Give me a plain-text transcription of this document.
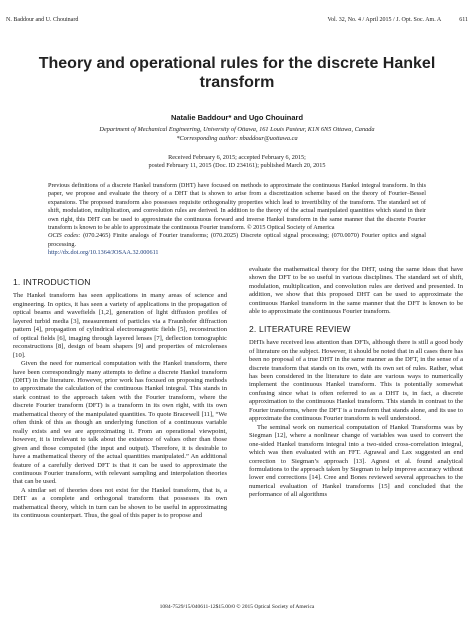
N. Baddour and U. Chouinard	Vol. 32, No. 4 / April 2015 / J. Opt. Soc. Am. A	611
Theory and operational rules for the discrete Hankel transform
Natalie Baddour* and Ugo Chouinard
Department of Mechanical Engineering, University of Ottawa, 161 Louis Pasteur, K1N 6N5 Ottawa, Canada
*Corresponding author: nbaddour@uottawa.ca
Received February 6, 2015; accepted February 6, 2015;
posted February 11, 2015 (Doc. ID 234161); published March 20, 2015

Previous definitions of a discrete Hankel transform (DHT) have focused on methods to approximate the continuous Hankel integral transform. In this paper, we propose and evaluate the theory of a DHT that is shown to arise from a discretization scheme based on the theory of Fourier–Bessel expansions. The proposed transform also possesses requisite orthogonality properties which lead to invertibility of the transform. The standard set of shift, modulation, multiplication, and convolution rules are derived. In addition to the theory of the actual manipulated quantities which stand in their own right, this DHT can be used to approximate the continuous forward and inverse Hankel transform in the same manner that the discrete Fourier transform is known to be able to approximate the continuous Fourier transform. © 2015 Optical Society of America

OCIS codes: (070.2465) Finite analogs of Fourier transforms; (070.2025) Discrete optical signal processing; (070.0070) Fourier optics and signal processing.

http://dx.doi.org/10.1364/JOSAA.32.000611
1. INTRODUCTION

The Hankel transform has seen applications in many areas of science and engineering. In optics, it has seen a variety of applications in the propagation of optical beams and wavefields [1,2], generation of light diffusion profiles of layered turbid media [3], measurement of particles via a Fraunhofer diffraction pattern [4], propagation of cylindrical electromagnetic fields [5], reconstruction of optical fields [6], imaging through layered lenses [7], deflection tomographic reconstructions [8], design of beam shapers [9] and properties of microlenses [10].

Given the need for numerical computation with the Hankel transform, there have been correspondingly many attempts to define a discrete Hankel transform (DHT) in the literature. However, prior work has focused on proposing methods to approximate the calculation of the continuous Hankel integral. This stands in stark contrast to the approach taken with the Fourier transform, where the discrete Fourier transform (DFT) is a transform in its own right, with its own mathematical theory of the manipulated quantities. To quote Bracewell [11], “We often think of this as though an underlying function of a continuous variable really exists and we are approximating it. From an operational viewpoint, however, it is irrelevant to talk about the existence of values other than those given and those computed (the input and output). Therefore, it is desirable to have a mathematical theory of the actual quantities manipulated.” An additional feature of a carefully derived DFT is that it can be used to approximate the continuous Fourier transform, with relevant sampling and interpolation theories that can be used.

A similar set of theories does not exist for the Hankel transform, that is, a DHT as a complete and orthogonal transform that possesses its own mathematical theory, which in turn can be shown to be useful in approximating its continuous counterpart. Thus, the goal of this paper is to propose and

evaluate the mathematical theory for the DHT, using the same ideas that have shown the DFT to be so useful in various disciplines. The standard set of shift, modulation, multiplication, and convolution rules are derived and presented. In addition, we show that this proposed DHT can be used to approximate the continuous Hankel transform in the same manner that the DFT is known to be able to approximate the continuous Fourier transform.

2. LITERATURE REVIEW

DHTs have received less attention than DFTs, although there is still a good body of literature on the subject. However, it should be noted that in all cases there has been no proposal of a true DHT in the same manner as the DFT, in the sense of a discrete transform that stands on its own, with its own set of rules. Rather, what has been considered in the literature to date are various ways to numerically implement the continuous Hankel transform. This is potentially somewhat confusing since what is often referred to as a DHT is, in fact, a discrete approximation to the continuous Hankel transform. This stands in contrast to the Fourier transforms, where the DFT is a transform that stands alone, and its use to approximate the continuous Fourier transform is well understood.

The seminal work on numerical computation of Hankel Transforms was by Siegman [12], where a nonlinear change of variables was used to convert the one-sided Hankel transform integral into a two-sided cross-correlation integral, which was then evaluated with an FFT. Agrawal and Lax suggested an end correction to Siegman’s approach [13]. Agnesi et al. found analytical formulations to the approach taken by Siegman to help improve accuracy without lower end corrections [14]. Cree and Bones reviewed several approaches to the numerical evaluation of Hankel transforms [15] and concluded that the performance of all algorithms

1084-7529/15/040611-12$15.00/0 © 2015 Optical Society of America
